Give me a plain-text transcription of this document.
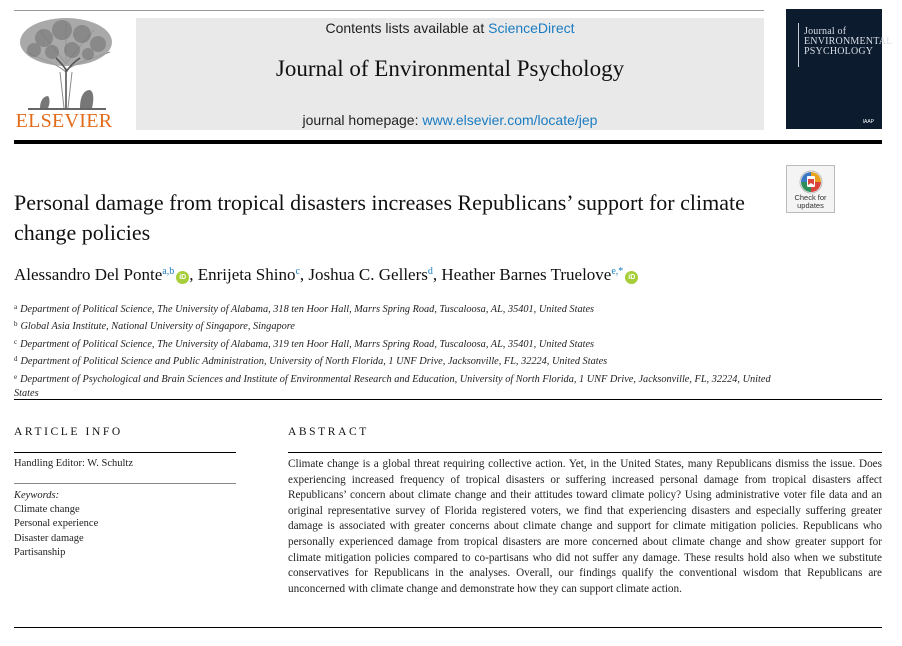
ELSEVIER
Contents lists available at ScienceDirect
Journal of Environmental Psychology
journal homepage: www.elsevier.com/locate/jep
Journal of
ENVIRONMENTAL
PSYCHOLOGY
IAAP
Check for
updates
Personal damage from tropical disasters increases Republicans’ support for climate change policies
Alessandro Del Ponte$^{a,b}$iD , Enrijeta Shino$^c$, Joshua C. Gellers$^d$, Heather Barnes Truelove$^{e,*}$iD
$^a$ Department of Political Science, The University of Alabama, 318 ten Hoor Hall, Marrs Spring Road, Tuscaloosa, AL, 35401, United States
$^b$ Global Asia Institute, National University of Singapore, Singapore
$^c$ Department of Political Science, The University of Alabama, 319 ten Hoor Hall, Marrs Spring Road, Tuscaloosa, AL, 35401, United States
$^d$ Department of Political Science and Public Administration, University of North Florida, 1 UNF Drive, Jacksonville, FL, 32224, United States
$^e$ Department of Psychological and Brain Sciences and Institute of Environmental Research and Education, University of North Florida, 1 UNF Drive, Jacksonville, FL, 32224, United States
ARTICLE INFO
Handling Editor: W. Schultz
Keywords:
Climate change
Personal experience
Disaster damage
Partisanship
ABSTRACT

Climate change is a global threat requiring collective action. Yet, in the United States, many Republicans dismiss the issue. Does experiencing increased frequency of tropical disasters or suffering increased personal damage from tropical disasters affect Republicans’ concern about climate change and their attitudes toward climate policy? Using administrative voter file data and an original representative survey of Florida registered voters, we find that experiencing disasters and especially suffering greater damage is associated with greater concerns about climate change and support for climate mitigation policies. Republicans who personally experienced damage from tropical disasters are more concerned about climate change and show greater support for climate mitigation policies compared to co-partisans who did not suffer any damage. These results hold also when we substitute conservatives for Republicans in the analyses. Overall, our findings qualify the conventional wisdom that Republicans are unconcerned with climate change and demonstrate how they can support climate action.
